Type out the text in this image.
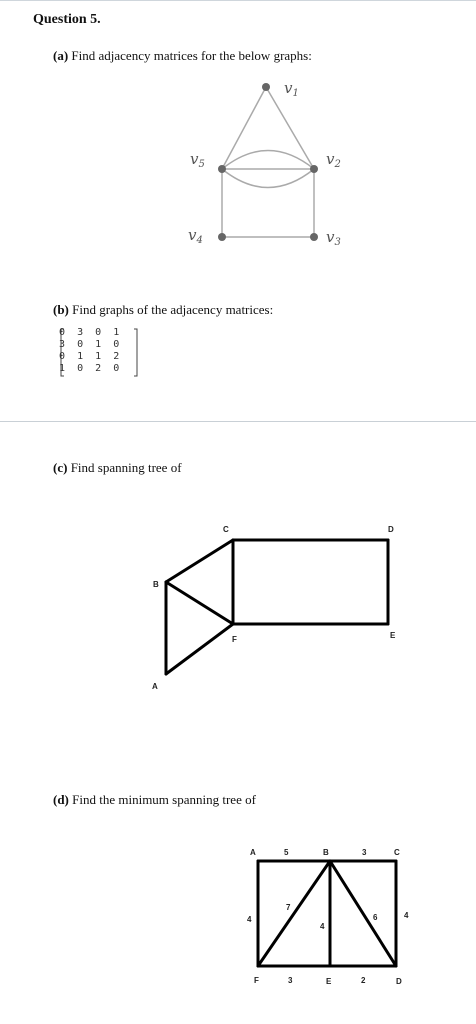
Question 5.
(a) Find adjacency matrices for the below graphs:
$v_1$
$v_2$
$v_3$
$v_4$
$v_5$
(b) Find graphs of the adjacency matrices:
0 3 0 1
3 0 1 0
0 1 1 2
1 0 2 0
(c) Find spanning tree of
C	D
B
F	E
A
(d) Find the minimum spanning tree of
A	B	C
F	E	D
5	3
4
7
4
6	4
3	2
